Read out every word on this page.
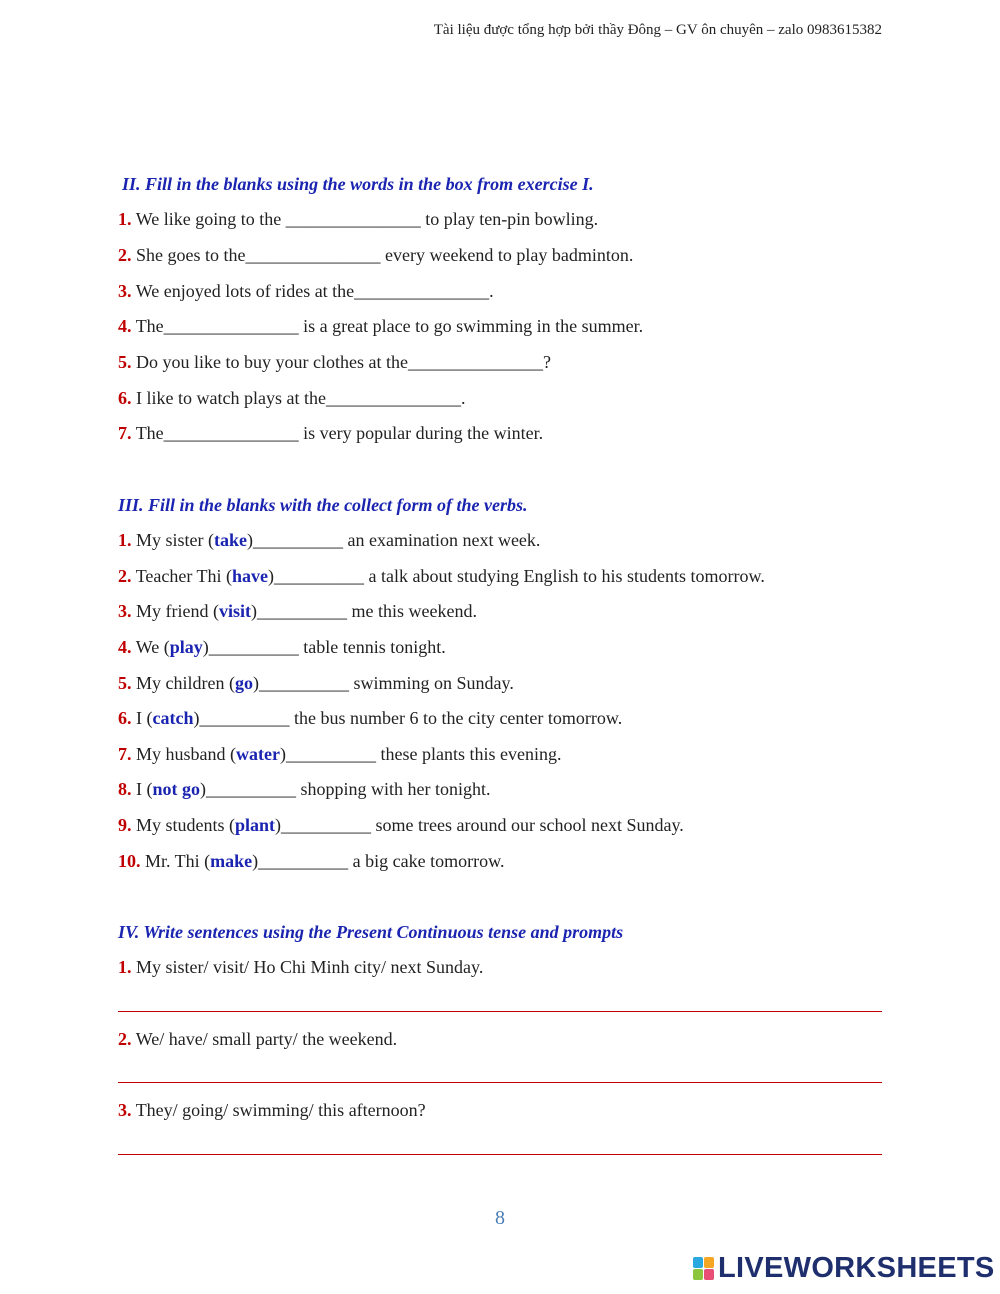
Tài liệu được tổng hợp bởi thầy Đông – GV ôn chuyên – zalo 0983615382
II. Fill in the blanks using the words in the box from exercise I.
1. We like going to the _______________ to play ten-pin bowling.
2. She goes to the_______________ every weekend to play badminton.
3. We enjoyed lots of rides at the_______________.
4. The_______________ is a great place to go swimming in the summer.
5. Do you like to buy your clothes at the_______________?
6. I like to watch plays at the_______________.
7. The_______________ is very popular during the winter.
III. Fill in the blanks with the collect form of the verbs.
1. My sister (take)__________ an examination next week.
2. Teacher Thi (have)__________ a talk about studying English to his students tomorrow.
3. My friend (visit)__________ me this weekend.
4. We (play)__________ table tennis tonight.
5. My children (go)__________ swimming on Sunday.
6. I (catch)__________ the bus number 6 to the city center tomorrow.
7. My husband (water)__________ these plants this evening.
8. I (not go)__________ shopping with her tonight.
9. My students (plant)__________ some trees around our school next Sunday.
10. Mr. Thi (make)__________ a big cake tomorrow.
IV. Write sentences using the Present Continuous tense and prompts
1. My sister/ visit/ Ho Chi Minh city/ next Sunday.
2. We/ have/ small party/ the weekend.
3. They/ going/ swimming/ this afternoon?
8
LIVEWORKSHEETS
